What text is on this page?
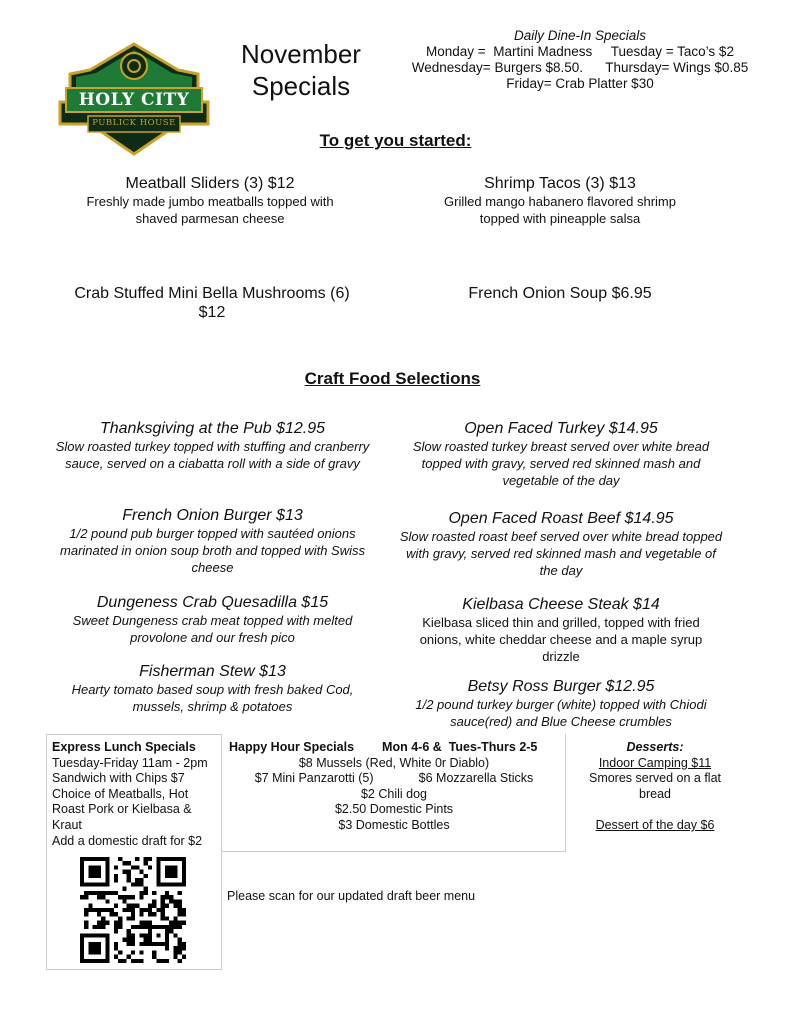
HOLY CITY
PUBLICK HOUSE
November Specials
Daily Dine-In Specials
Monday =  Martini Madness     Tuesday = Taco’s $2
Wednesday= Burgers $8.50.      Thursday= Wings $0.85
Friday= Crab Platter $30
To get you started:
Meatball Sliders (3) $12
Freshly made jumbo meatballs topped with shaved parmesan cheese
Shrimp Tacos (3) $13
Grilled mango habanero flavored shrimp topped with pineapple salsa
Crab Stuffed Mini Bella Mushrooms (6) $12
French Onion Soup $6.95
Craft Food Selections
Thanksgiving at the Pub $12.95
Slow roasted turkey topped with stuffing and cranberry sauce, served on a ciabatta roll with a side of gravy
French Onion Burger $13
1/2 pound pub burger topped with sautéed onions marinated in onion soup broth and topped with Swiss cheese
Dungeness Crab Quesadilla $15
Sweet Dungeness crab meat topped with melted provolone and our fresh pico
Fisherman Stew $13
Hearty tomato based soup with fresh baked Cod, mussels, shrimp & potatoes
Open Faced Turkey $14.95
Slow roasted turkey breast served over white bread topped with gravy, served red skinned mash and vegetable of the day
Open Faced Roast Beef $14.95
Slow roasted roast beef served over white bread topped with gravy, served red skinned mash and vegetable of the day
Kielbasa Cheese Steak $14
Kielbasa sliced thin and grilled, topped with fried onions, white cheddar cheese and a maple syrup drizzle
Betsy Ross Burger $12.95
1/2 pound turkey burger (white) topped with Chiodi sauce(red) and Blue Cheese crumbles
Express Lunch Specials
Tuesday-Friday 11am - 2pm
Sandwich with Chips $7
Choice of Meatballs, Hot
Roast Pork or Kielbasa &
Kraut
Add a domestic draft for $2
Happy Hour Specials Mon 4-6 &  Tues-Thurs 2-5
$8 Mussels (Red, White 0r Diablo)
$7 Mini Panzarotti (5)             $6 Mozzarella Sticks
$2 Chili dog
$2.50 Domestic Pints
$3 Domestic Bottles
Desserts:
Indoor Camping $11
Smores served on a flat bread
Dessert of the day $6
Please scan for our updated draft beer menu
